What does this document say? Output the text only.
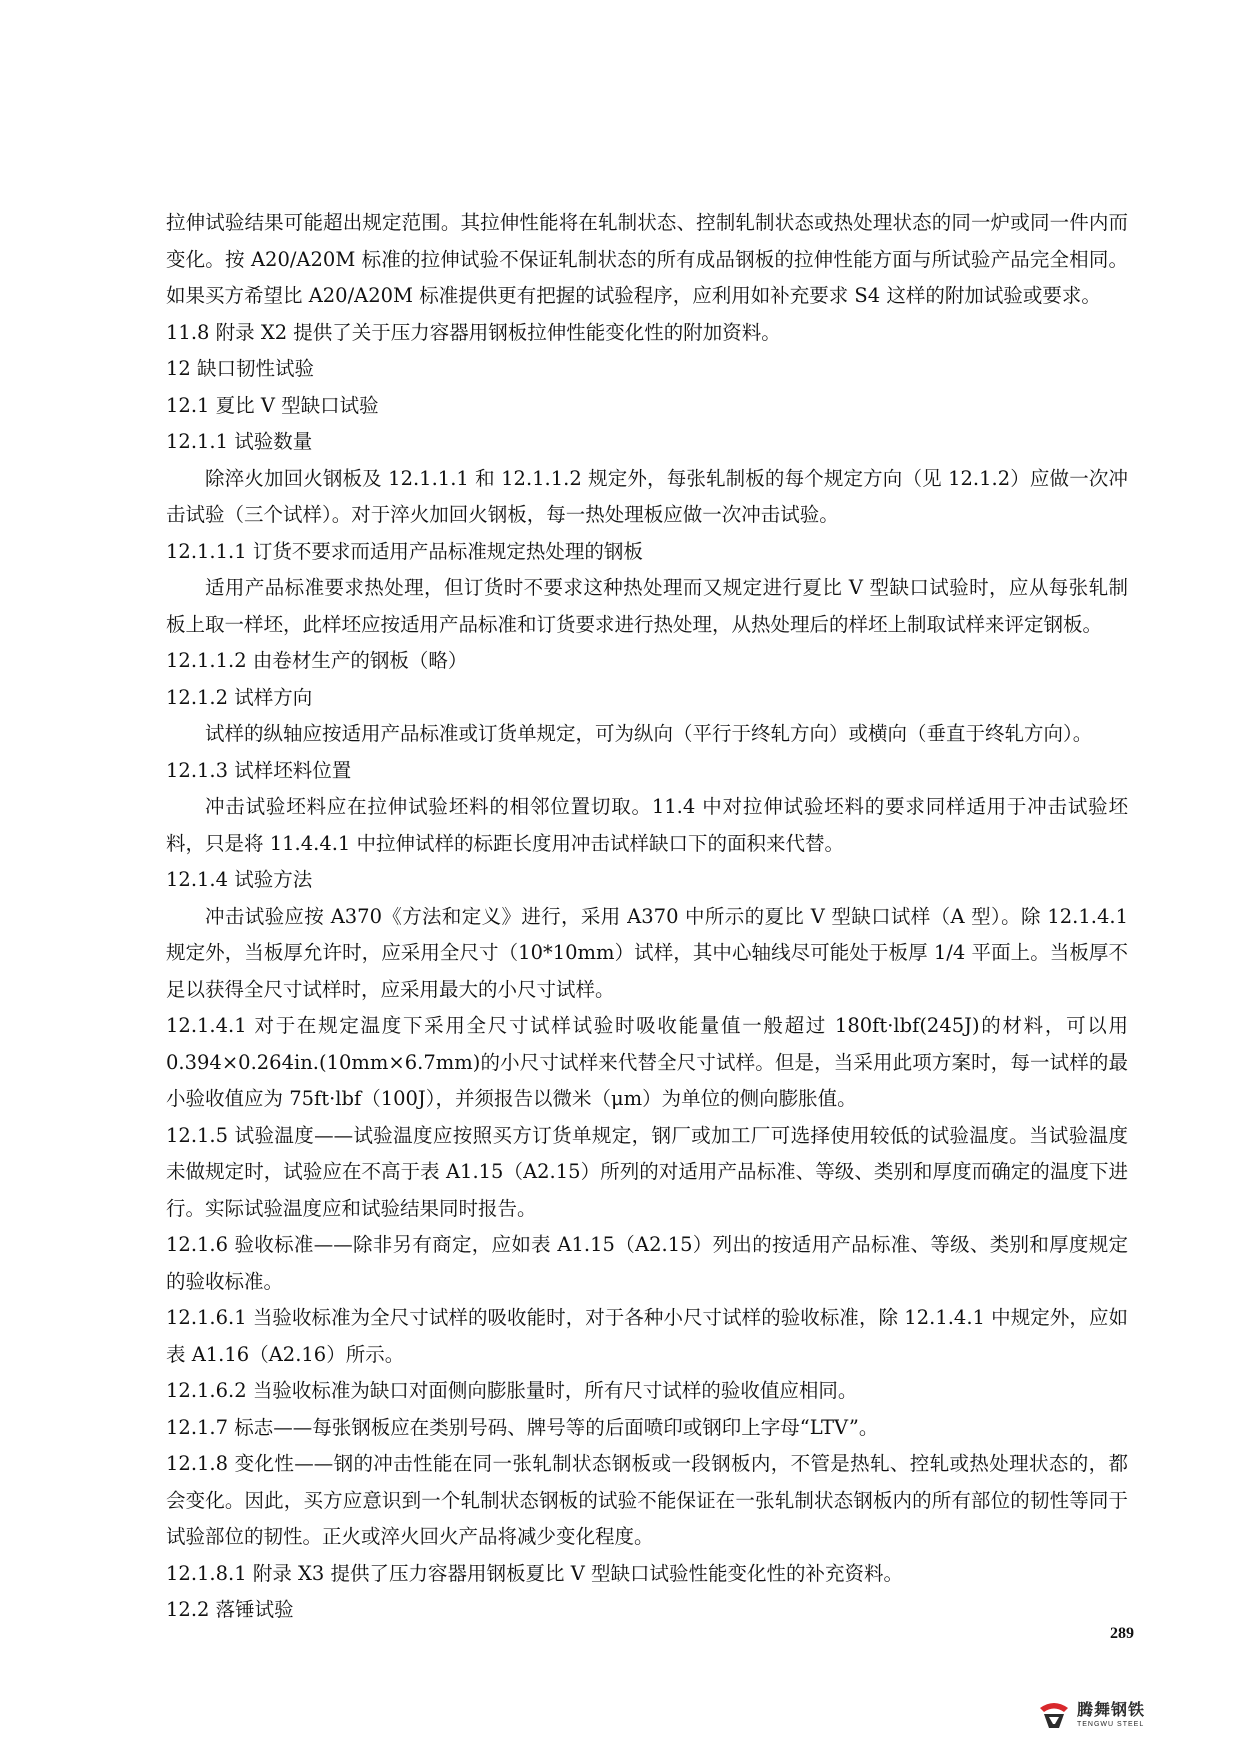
拉伸试验结果可能超出规定范围。其拉伸性能将在轧制状态、控制轧制状态或热处理状态的同一炉或同一件内而变化。按 A20/A20M 标准的拉伸试验不保证轧制状态的所有成品钢板的拉伸性能方面与所试验产品完全相同。如果买方希望比 A20/A20M 标准提供更有把握的试验程序，应利用如补充要求 S4 这样的附加试验或要求。
11.8 附录 X2 提供了关于压力容器用钢板拉伸性能变化性的附加资料。
12 缺口韧性试验
12.1 夏比 V 型缺口试验
12.1.1 试验数量
除淬火加回火钢板及 12.1.1.1 和 12.1.1.2 规定外，每张轧制板的每个规定方向（见 12.1.2）应做一次冲击试验（三个试样）。对于淬火加回火钢板，每一热处理板应做一次冲击试验。
12.1.1.1 订货不要求而适用产品标准规定热处理的钢板
适用产品标准要求热处理，但订货时不要求这种热处理而又规定进行夏比 V 型缺口试验时，应从每张轧制板上取一样坯，此样坯应按适用产品标准和订货要求进行热处理，从热处理后的样坯上制取试样来评定钢板。
12.1.1.2 由卷材生产的钢板（略）
12.1.2 试样方向
试样的纵轴应按适用产品标准或订货单规定，可为纵向（平行于终轧方向）或横向（垂直于终轧方向）。
12.1.3 试样坯料位置
冲击试验坯料应在拉伸试验坯料的相邻位置切取。11.4 中对拉伸试验坯料的要求同样适用于冲击试验坯料，只是将 11.4.4.1 中拉伸试样的标距长度用冲击试样缺口下的面积来代替。
12.1.4 试验方法
冲击试验应按 A370《方法和定义》进行，采用 A370 中所示的夏比 V 型缺口试样（A 型）。除 12.1.4.1 规定外，当板厚允许时，应采用全尺寸（10*10mm）试样，其中心轴线尽可能处于板厚 1/4 平面上。当板厚不足以获得全尺寸试样时，应采用最大的小尺寸试样。
12.1.4.1 对于在规定温度下采用全尺寸试样试验时吸收能量值一般超过 180ft·lbf(245J)的材料，可以用 0.394×0.264in.(10mm×6.7mm)的小尺寸试样来代替全尺寸试样。但是，当采用此项方案时，每一试样的最小验收值应为 75ft·lbf（100J），并须报告以微米（μm）为单位的侧向膨胀值。
12.1.5 试验温度——试验温度应按照买方订货单规定，钢厂或加工厂可选择使用较低的试验温度。当试验温度未做规定时，试验应在不高于表 A1.15（A2.15）所列的对适用产品标准、等级、类别和厚度而确定的温度下进行。实际试验温度应和试验结果同时报告。
12.1.6 验收标准——除非另有商定，应如表 A1.15（A2.15）列出的按适用产品标准、等级、类别和厚度规定的验收标准。
12.1.6.1 当验收标准为全尺寸试样的吸收能时，对于各种小尺寸试样的验收标准，除 12.1.4.1 中规定外，应如表 A1.16（A2.16）所示。
12.1.6.2 当验收标准为缺口对面侧向膨胀量时，所有尺寸试样的验收值应相同。
12.1.7 标志——每张钢板应在类别号码、牌号等的后面喷印或钢印上字母“LTV”。
12.1.8 变化性——钢的冲击性能在同一张轧制状态钢板或一段钢板内，不管是热轧、控轧或热处理状态的，都会变化。因此，买方应意识到一个轧制状态钢板的试验不能保证在一张轧制状态钢板内的所有部位的韧性等同于试验部位的韧性。正火或淬火回火产品将减少变化程度。
12.1.8.1 附录 X3 提供了压力容器用钢板夏比 V 型缺口试验性能变化性的补充资料。
12.2 落锤试验
289
腾舞钢铁
TENGWU STEEL
